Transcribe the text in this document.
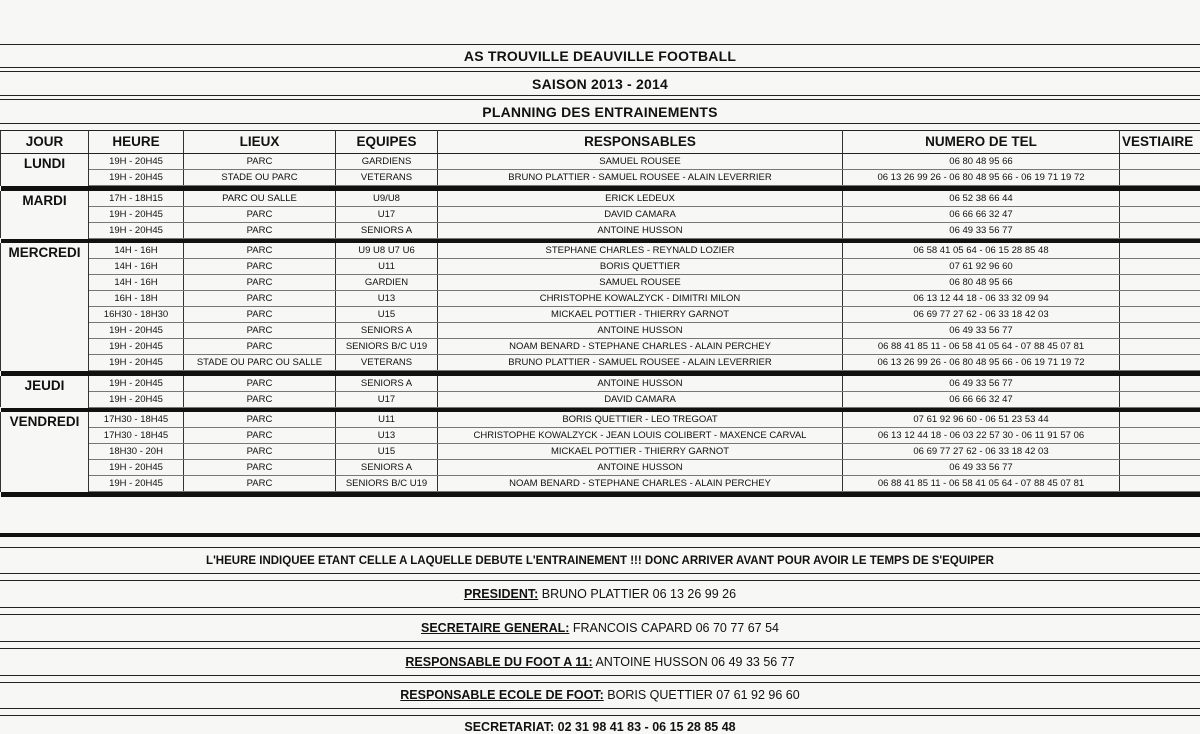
AS TROUVILLE DEAUVILLE FOOTBALL
SAISON 2013 - 2014
PLANNING DES ENTRAINEMENTS
JOUR	HEURE	LIEUX	EQUIPES	RESPONSABLES	NUMERO DE TEL	VESTIAIRE
LUNDI	19H - 20H45	PARC	GARDIENS	SAMUEL ROUSEE	06 80 48 95 66	
	19H - 20H45	STADE OU PARC	VETERANS	BRUNO PLATTIER - SAMUEL ROUSEE - ALAIN LEVERRIER	06 13 26 99 26 - 06 80 48 95 66 - 06 19 71 19 72	

MARDI	17H - 18H15	PARC OU SALLE	U9/U8	ERICK LEDEUX	06 52 38 66 44	
	19H - 20H45	PARC	U17	DAVID CAMARA	06 66 66 32 47	
	19H - 20H45	PARC	SENIORS A	ANTOINE HUSSON	06 49 33 56 77	

MERCREDI	14H - 16H	PARC	U9 U8 U7 U6	STEPHANE CHARLES - REYNALD LOZIER	06 58 41 05 64 - 06 15 28 85 48	
	14H - 16H	PARC	U11	BORIS QUETTIER	07 61 92 96 60	
	14H - 16H	PARC	GARDIEN	SAMUEL ROUSEE	06 80 48 95 66	
	16H - 18H	PARC	U13	CHRISTOPHE KOWALZYCK - DIMITRI MILON	06 13 12 44 18 - 06 33 32 09 94	
	16H30 - 18H30	PARC	U15	MICKAEL POTTIER - THIERRY GARNOT	06 69 77 27 62 - 06 33 18 42 03	
	19H - 20H45	PARC	SENIORS A	ANTOINE HUSSON	06 49 33 56 77	
	19H - 20H45	PARC	SENIORS B/C U19	NOAM BENARD - STEPHANE CHARLES - ALAIN PERCHEY	06 88 41 85 11 - 06 58 41 05 64 - 07 88 45 07 81	
	19H - 20H45	STADE OU PARC OU SALLE	VETERANS	BRUNO PLATTIER - SAMUEL ROUSEE - ALAIN LEVERRIER	06 13 26 99 26 - 06 80 48 95 66 - 06 19 71 19 72	

JEUDI	19H - 20H45	PARC	SENIORS A	ANTOINE HUSSON	06 49 33 56 77	
	19H - 20H45	PARC	U17	DAVID CAMARA	06 66 66 32 47	

VENDREDI	17H30 - 18H45	PARC	U11	BORIS QUETTIER - LEO TREGOAT	07 61 92 96 60 - 06 51 23 53 44	
	17H30 - 18H45	PARC	U13	CHRISTOPHE KOWALZYCK - JEAN LOUIS COLIBERT - MAXENCE CARVAL	06 13 12 44 18 - 06 03 22 57 30 - 06 11 91 57 06	
	18H30 - 20H	PARC	U15	MICKAEL POTTIER - THIERRY GARNOT	06 69 77 27 62 - 06 33 18 42 03	
	19H - 20H45	PARC	SENIORS A	ANTOINE HUSSON	06 49 33 56 77	
	19H - 20H45	PARC	SENIORS B/C U19	NOAM BENARD - STEPHANE CHARLES - ALAIN PERCHEY	06 88 41 85 11 - 06 58 41 05 64 - 07 88 45 07 81	

L'HEURE INDIQUEE ETANT CELLE A LAQUELLE DEBUTE L'ENTRAINEMENT !!! DONC ARRIVER AVANT POUR AVOIR LE TEMPS DE S'EQUIPER
PRESIDENT: BRUNO PLATTIER 06 13 26 99 26
SECRETAIRE GENERAL: FRANCOIS CAPARD 06 70 77 67 54
RESPONSABLE DU FOOT A 11: ANTOINE HUSSON 06 49 33 56 77
RESPONSABLE ECOLE DE FOOT: BORIS QUETTIER 07 61 92 96 60
SECRETARIAT: 02 31 98 41 83 - 06 15 28 85 48
